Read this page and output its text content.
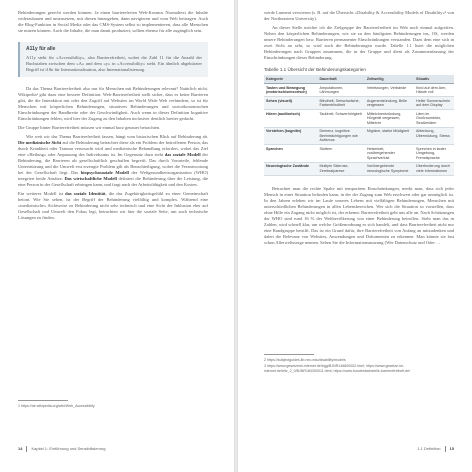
Behinderungen gerecht werden können. Ja einen barrierefreien Web-Kosmos Normaltext die Inhalte widerzubauen und umzusetzen, mit diesen hinzugeben, dann navigieren und vom Web beitragen. Auch die Blog-Funktion in Social Media oder das CMS-System selbst so implementieren, dass alle Menschen sie nutzen können. Auch die Inhalte, die man damit produziert, sollten ebenso für alle zugänglich sein.

A11y für alle

A11y steht für »Accessibility«, also Barrierefreiheit, wobei die Zahl 11 für die Anzahl der Buchstaben zwischen dem »A« und dem »y« in »Accessibility« steht. Ein ähnlich abgekürzter Begriff ist i18n für Internationalisation, also Internationalisierung.

Da das Thema Barrierefreiheit also nur für Menschen mit Behinderungen relevant? Natürlich nicht. Wikipedia¹ gibt dazu eine bessere Definition: Web-Barrierefreiheit stellt sicher, dass es keine Barrieren gibt, die die Interaktion mit oder den Zugriff auf Websites im World Wide Web verhindern, so ist für Menschen mit körperlichen Behinderungen, situativen Behinderungen und sozioökonomischen Einschränkungen der Bandbreite oder der Geschwindigkeit. Auch wenn in dieser Definition kognitive Einschränkungen fehlen, wird hier der Zugang zu den Inhalten inclusiver deutlich breiter gedacht.

Die Gruppe hinter Barrierefreiheit müssen wir einmal kurz genauer betrachten.

Wie weit wir das Thema Barrierefreiheit fassen, hängt vom historischen Blick auf Behinderung ab. Die medizinische Sicht auf die Behinderung betrachtet diese als ein Problem der betroffenen Person, das durch Krankheit oder Trauma verursacht wird und medizinische Behandlung erfordert, wobei das Ziel eine »Heilung« oder Anpassung des Individuums ist. Im Gegensatz dazu steht das soziale Modell der Behinderung, die Barrieren als gesellschaftlich geschaffen begreift. Das durch Vorurteile, fehlende Unterstützung und die Umwelt erst erzeugte Problem gilt als Benachteiligung, wobei die Verantwortung bei der Gesellschaft liegt. Das biopsychosoziale Modell der Weltgesundheitsorganisation (WHO) integriert beide Ansätze. Das wirtschaftliche Modell definiert die Behinderung über die Leistung, die eine Person in der Gesellschaft erbringen kann, und fragt nach der Arbeitsfähigkeit und den Kosten.

Ein weiteres Modell ist das soziale Identität, die das Zugehörigkeitsgefühl zu einer Gemeinschaft betont. Wie Sie sehen, ist der Begriff der Behinderung vielfältig und komplex. Während eine »medizinische« Sichtweise zu Behinderung nicht sehr technisch und eine Sicht der Inklusion eher auf Gesellschaft und Umwelt den Fokus legt, betrachten wir hier die soziale Seite, um auch technische Lösungen zu finden.

1 https://de.wikipedia.org/wiki/Web_Accessibility

14 Kapitel 1: Einführung und Sensibilisierung

werde Lunneut verwiesen (s. B. auf die Übersicht »Disability & Accessibility Models of Disability«² von der Northeastern University).

An dieser Stelle möchte ich die Zielgruppe der Barrierefreiheit im Web noch einmal aufgreifen. Neben den körperlichen Behinderungen, wie sie zu den häufigsten Behinderungen ins, OS, werden unsere Behinderungen bzw. Barrieren permanenter Einschränkungen verstanden. Dazu dem eine sich in zwei Sicht an sehr, so wird auch die Behinderungen wurde. Tabelle 1.1 listet die möglichen Behinderungen nach Gruppen zusammen, die in der Gruppe und dient als Zusammenfassung der Einschränkungen dieser Behinderung.

Tabelle 1.1 Übersicht der Behinderungskategorien
Kategorie	Dauerhaft	Zeitweilig	Situativ
Tasten und Bewegung (motorisch/sensorisch)	Amputationen, Lähmungen	Verletzungen, Verbände	Kind auf dem Arm, Hände voll
Sehen (visuell)	Blindheit, Sehschwäche, Farbenblindheit	Augenentzündung, Brille vergessen	Heller Sonnenschein auf dem Display
Hören (auditorisch)	Taubheit, Schwerhörigkeit	Mittelohrentzündung, Hörgerät vergessen, Mittelohr	Lärm im Großraumbüro, Straßenlärm
Verstehen (kognitiv)	Demenz, kognitive Beeinträchtigungen wie Autismus	Migräne, starke Müdigkeit	Ablenkung, Übermüdung, Stress
Sprechen	Stottern	Heiserkeit, vorübergehender Sprachverlust	Sprechen in lauter Umgebung, Fremdsprache
Neurologische Zustände	Multiple Sklerose, Zerebralparese	Vorübergehende neurologische Symptome	Überforderung durch viele Informationen

Betrachtet man die rechte Spalte mit temporären Einschränkungen, merkt man, dass sich jeder Mensch in einer Situation befinden kann, in der der Zugang zum Web erschwert oder gar unmöglich ist. In den Jahren erleben wir im Laufe unseres Lebens mit vielfältigen Behinderungen, Menschen mit unterschiedlichen Behinderungen in allen Lebensbereichen. Wer sich die Situation so vorstellen, dass ohne Hilfe ein Zugang nicht möglich ist, der erkennt: Barrierefreiheit geht uns alle an. Nach Schätzungen der WHO sind rund 16 % der Weltbevölkerung von einer Behinderung betroffen. Sieht man das in Zahlen, wird schnell klar, um welche Größenordnung es sich handelt, und dass Barrierefreiheit nicht nur eine Randgruppe betrifft. Das ist ein Grund dafür, ihre Barrierefreiheit von Anfang an mitzudenken und dabei die Relevanz von Websites, Anwendungen und Dokumenten zu erkennen. Man könnte sie fast schon Allerweltssorge nennen. Sehen Sie die Informationsnutzung (Wer Datenschutz und Oder …

2 https://subjectguides.lib.neu.edu/disability/models

3 https://www.gesetzeim-internet.de/bgg/BJNR146800002.html; https://www.gesetze-im-internet.de/bitv_2_0/BJNR184300011.html; https://www.bundesfachstelle-barrierefreiheit.de/

1.1 Definition 15
